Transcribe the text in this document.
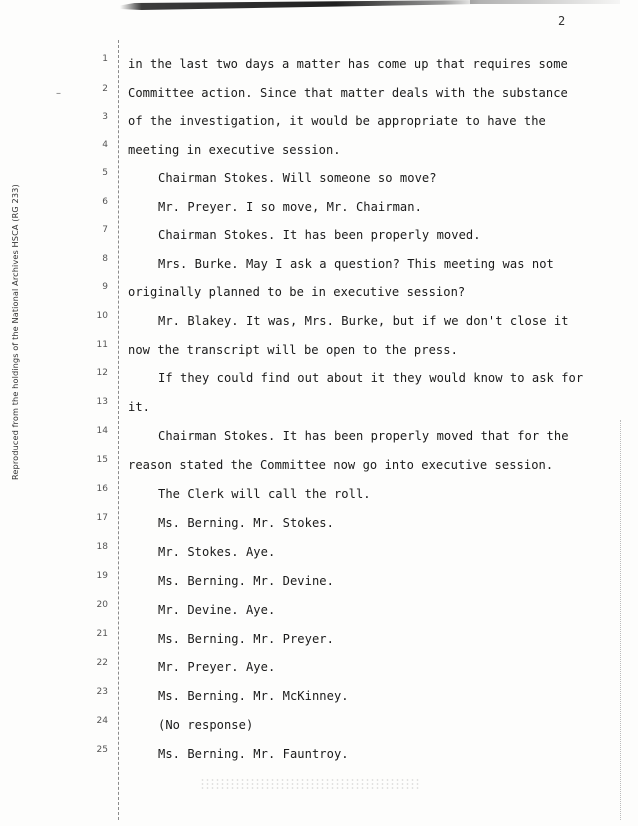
2
Reproduced from the holdings of the National Archives HSCA (RG 233)
–
1
2
3
4
5
6
7
8
9
10
11
12
13
14
15
16
17
18
19
20
21
22
23
24
25
in the last two days a matter has come up that requires some
Committee action. Since that matter deals with the substance
of the investigation, it would be appropriate to have the
meeting in executive session.
Chairman Stokes. Will someone so move?
Mr. Preyer. I so move, Mr. Chairman.
Chairman Stokes. It has been properly moved.
Mrs. Burke. May I ask a question? This meeting was not
originally planned to be in executive session?
Mr. Blakey. It was, Mrs. Burke, but if we don't close it
now the transcript will be open to the press.
If they could find out about it they would know to ask for
it.
Chairman Stokes. It has been properly moved that for the
reason stated the Committee now go into executive session.
The Clerk will call the roll.
Ms. Berning. Mr. Stokes.
Mr. Stokes. Aye.
Ms. Berning. Mr. Devine.
Mr. Devine. Aye.
Ms. Berning. Mr. Preyer.
Mr. Preyer. Aye.
Ms. Berning. Mr. McKinney.
(No response)
Ms. Berning. Mr. Fauntroy.
